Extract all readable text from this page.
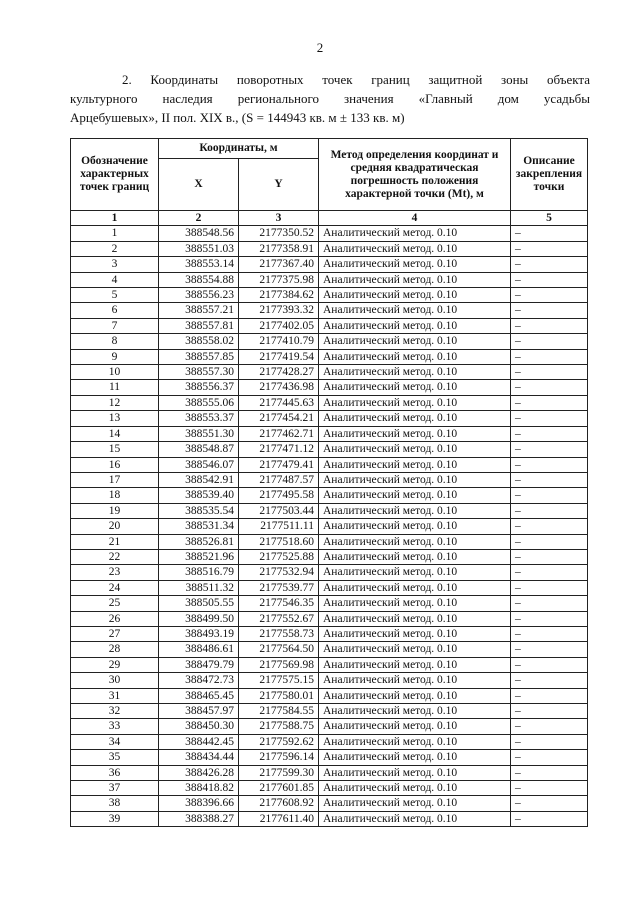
2
2. Координаты поворотных точек границ защитной зоны объекта
культурного наследия регионального значения «Главный дом усадьбы
Арцебушевых», II пол. XIX в., (S = 144943 кв. м ± 133 кв. м)
Обозначение характерных точек границ	Координаты, м		Метод определения координат и средняя квадратическая погрешность положения характерной точки (Mt), м	Описание закрепления точки
	X	Y		
1	2	3	4	5
1	388548.56	2177350.52	Аналитический метод. 0.10	–
2	388551.03	2177358.91	Аналитический метод. 0.10	–
3	388553.14	2177367.40	Аналитический метод. 0.10	–
4	388554.88	2177375.98	Аналитический метод. 0.10	–
5	388556.23	2177384.62	Аналитический метод. 0.10	–
6	388557.21	2177393.32	Аналитический метод. 0.10	–
7	388557.81	2177402.05	Аналитический метод. 0.10	–
8	388558.02	2177410.79	Аналитический метод. 0.10	–
9	388557.85	2177419.54	Аналитический метод. 0.10	–
10	388557.30	2177428.27	Аналитический метод. 0.10	–
11	388556.37	2177436.98	Аналитический метод. 0.10	–
12	388555.06	2177445.63	Аналитический метод. 0.10	–
13	388553.37	2177454.21	Аналитический метод. 0.10	–
14	388551.30	2177462.71	Аналитический метод. 0.10	–
15	388548.87	2177471.12	Аналитический метод. 0.10	–
16	388546.07	2177479.41	Аналитический метод. 0.10	–
17	388542.91	2177487.57	Аналитический метод. 0.10	–
18	388539.40	2177495.58	Аналитический метод. 0.10	–
19	388535.54	2177503.44	Аналитический метод. 0.10	–
20	388531.34	2177511.11	Аналитический метод. 0.10	–
21	388526.81	2177518.60	Аналитический метод. 0.10	–
22	388521.96	2177525.88	Аналитический метод. 0.10	–
23	388516.79	2177532.94	Аналитический метод. 0.10	–
24	388511.32	2177539.77	Аналитический метод. 0.10	–
25	388505.55	2177546.35	Аналитический метод. 0.10	–
26	388499.50	2177552.67	Аналитический метод. 0.10	–
27	388493.19	2177558.73	Аналитический метод. 0.10	–
28	388486.61	2177564.50	Аналитический метод. 0.10	–
29	388479.79	2177569.98	Аналитический метод. 0.10	–
30	388472.73	2177575.15	Аналитический метод. 0.10	–
31	388465.45	2177580.01	Аналитический метод. 0.10	–
32	388457.97	2177584.55	Аналитический метод. 0.10	–
33	388450.30	2177588.75	Аналитический метод. 0.10	–
34	388442.45	2177592.62	Аналитический метод. 0.10	–
35	388434.44	2177596.14	Аналитический метод. 0.10	–
36	388426.28	2177599.30	Аналитический метод. 0.10	–
37	388418.82	2177601.85	Аналитический метод. 0.10	–
38	388396.66	2177608.92	Аналитический метод. 0.10	–
39	388388.27	2177611.40	Аналитический метод. 0.10	–
